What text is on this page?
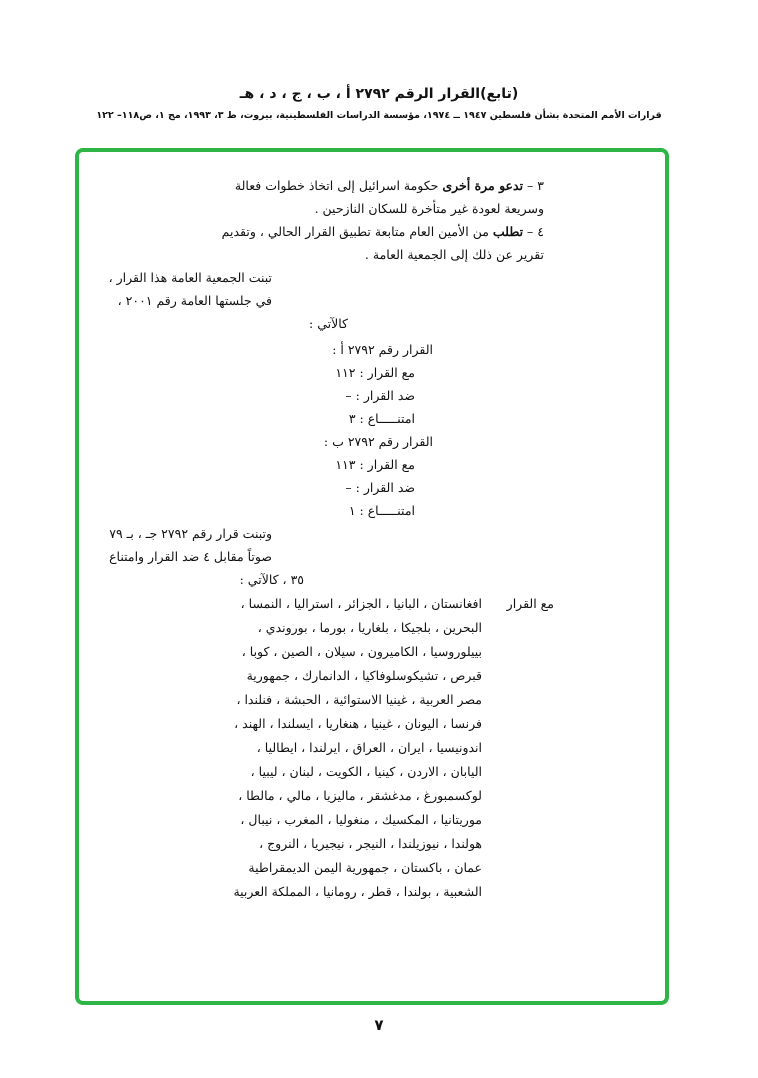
(تابع)القرار الرقم ٢٧٩٢ أ ، ب ، ج ، د ، هـ
قرارات الأمم المتحدة بشأن فلسطين ١٩٤٧ ــ ١٩٧٤، مؤسسة الدراسات الفلسطينية، بيروت، ط ٣، ١٩٩٣، مج ١، ص١١٨– ١٢٢
٣ – تدعو مرة أخرى حكومة اسرائيل إلى اتخاذ خطوات فعالة
وسريعة لعودة غير متأخرة للسكان النازحين .
٤ – تطلب من الأمين العام متابعة تطبيق القرار الحالي ، وتقديم
تقرير عن ذلك إلى الجمعية العامة .
تبنت الجمعية العامة هذا القرار ،
في جلستها العامة رقم ٢٠٠١ ،
كالآتي :
القرار رقم ٢٧٩٢ أ :
مع القرار : ١١٢
ضد القرار : –
امتنـــــاع : ٣
القرار رقم ٢٧٩٢ ب :
مع القرار : ١١٣
ضد القرار : –
امتنـــــاع : ١
وتبنت قرار رقم ٢٧٩٢ جـ ، بـ ٧٩
صوتاً مقابل ٤ ضد القرار وامتناع
٣٥ ، كالآتي :
مع القرار
افغانستان ، البانيا ، الجزائر ، استراليا ، النمسا ،
البحرين ، بلجيكا ، بلغاريا ، بورما ، بوروندي ،
بييلوروسيا ، الكاميرون ، سيلان ، الصين ، كوبا ،
قبرص ، تشيكوسلوفاكيا ، الدانمارك ، جمهورية
مصر العربية ، غينيا الاستوائية ، الحبشة ، فنلندا ،
فرنسا ، اليونان ، غينيا ، هنغاريا ، ايسلندا ، الهند ،
اندونيسيا ، ايران ، العراق ، ايرلندا ، ايطاليا ،
اليابان ، الاردن ، كينيا ، الكويت ، لبنان ، ليبيا ،
لوكسمبورغ ، مدغشقر ، ماليزيا ، مالي ، مالطا ،
موريتانيا ، المكسيك ، منغوليا ، المغرب ، نيبال ،
هولندا ، نيوزيلندا ، النيجر ، نيجيريا ، النروج ،
عمان ، باكستان ، جمهورية اليمن الديمقراطية
الشعبية ، بولندا ، قطر ، رومانيا ، المملكة العربية
٧
